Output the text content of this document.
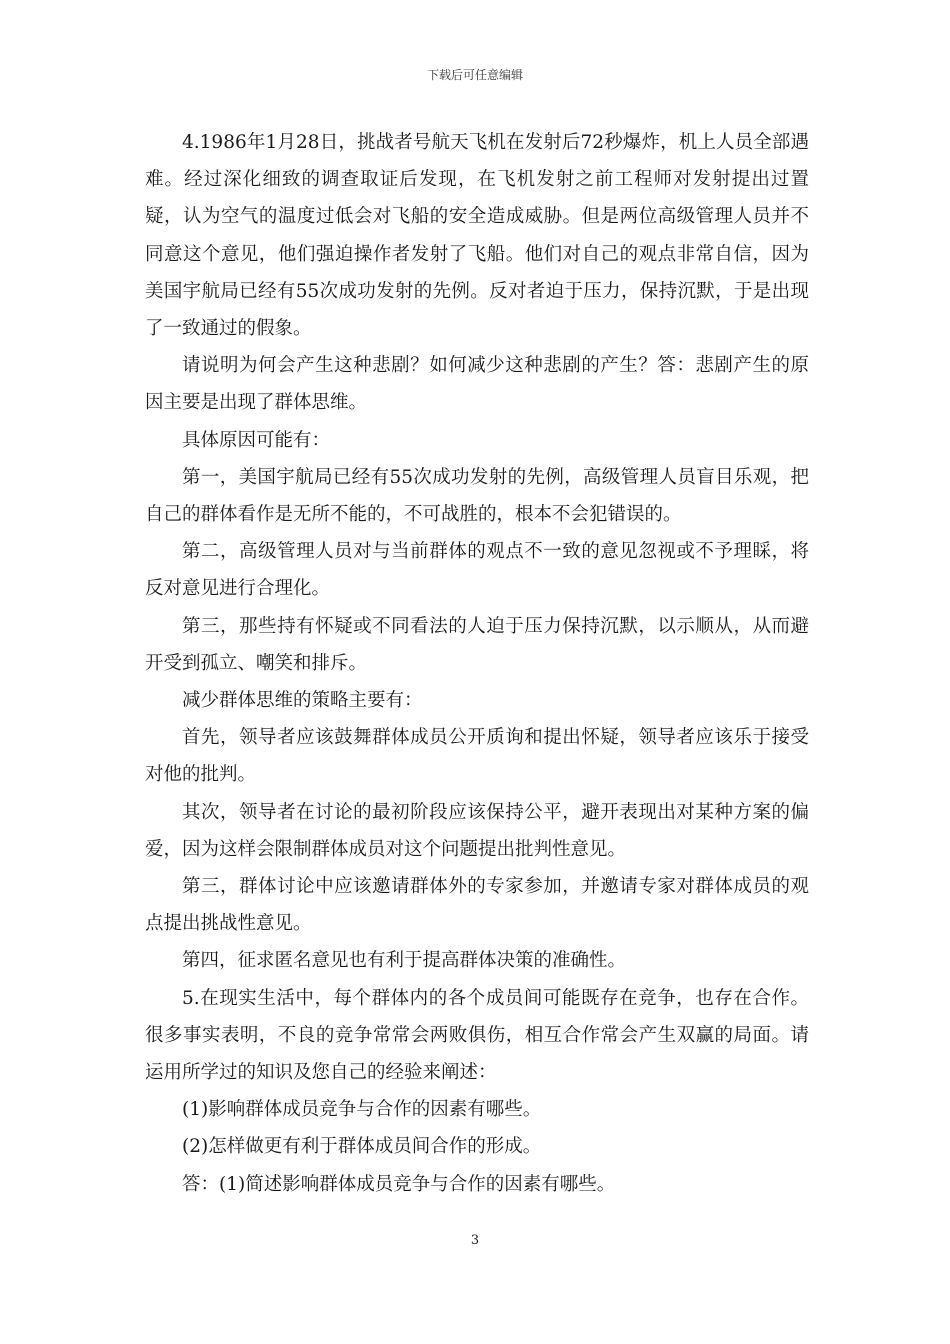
下载后可任意编辑

4.1986年1月28日，挑战者号航天飞机在发射后72秒爆炸，机上人员全部遇难。经过深化细致的调查取证后发现，在飞机发射之前工程师对发射提出过置疑，认为空气的温度过低会对飞船的安全造成威胁。但是两位高级管理人员并不同意这个意见，他们强迫操作者发射了飞船。他们对自己的观点非常自信，因为美国宇航局已经有55次成功发射的先例。反对者迫于压力，保持沉默，于是出现了一致通过的假象。

请说明为何会产生这种悲剧？如何减少这种悲剧的产生？答：悲剧产生的原因主要是出现了群体思维。

具体原因可能有：

第一，美国宇航局已经有55次成功发射的先例，高级管理人员盲目乐观，把自己的群体看作是无所不能的，不可战胜的，根本不会犯错误的。

第二，高级管理人员对与当前群体的观点不一致的意见忽视或不予理睬，将反对意见进行合理化。

第三，那些持有怀疑或不同看法的人迫于压力保持沉默，以示顺从，从而避开受到孤立、嘲笑和排斥。

减少群体思维的策略主要有：

首先，领导者应该鼓舞群体成员公开质询和提出怀疑，领导者应该乐于接受对他的批判。

其次，领导者在讨论的最初阶段应该保持公平，避开表现出对某种方案的偏爱，因为这样会限制群体成员对这个问题提出批判性意见。

第三，群体讨论中应该邀请群体外的专家参加，并邀请专家对群体成员的观点提出挑战性意见。

第四，征求匿名意见也有利于提高群体决策的准确性。

5.在现实生活中，每个群体内的各个成员间可能既存在竞争，也存在合作。很多事实表明，不良的竞争常常会两败俱伤，相互合作常会产生双赢的局面。请运用所学过的知识及您自己的经验来阐述：

(1)影响群体成员竞争与合作的因素有哪些。

(2)怎样做更有利于群体成员间合作的形成。

答：(1)简述影响群体成员竞争与合作的因素有哪些。

3
